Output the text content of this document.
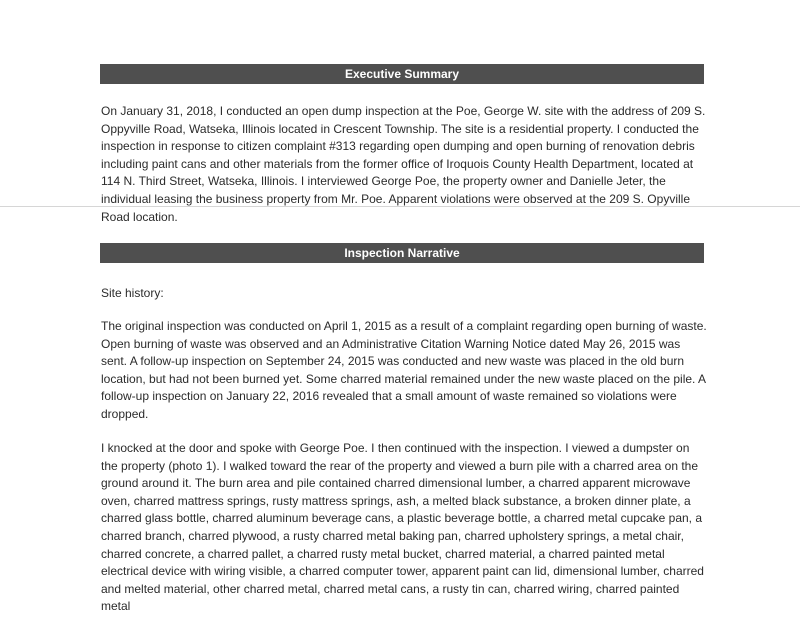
Executive Summary
On January 31, 2018, I conducted an open dump inspection at the Poe, George W. site with the address of 209 S. Oppyville Road, Watseka, Illinois located in Crescent Township. The site is a residential property. I conducted the inspection in response to citizen complaint #313 regarding open dumping and open burning of renovation debris including paint cans and other materials from the former office of Iroquois County Health Department, located at 114 N. Third Street, Watseka, Illinois. I interviewed George Poe, the property owner and Danielle Jeter, the individual leasing the business property from Mr. Poe. Apparent violations were observed at the 209 S. Opyville Road location.
Inspection Narrative
Site history:
The original inspection was conducted on April 1, 2015 as a result of a complaint regarding open burning of waste. Open burning of waste was observed and an Administrative Citation Warning Notice dated May 26, 2015 was sent. A follow-up inspection on September 24, 2015 was conducted and new waste was placed in the old burn location, but had not been burned yet. Some charred material remained under the new waste placed on the pile. A follow-up inspection on January 22, 2016 revealed that a small amount of waste remained so violations were dropped.
I knocked at the door and spoke with George Poe. I then continued with the inspection. I viewed a dumpster on the property (photo 1). I walked toward the rear of the property and viewed a burn pile with a charred area on the ground around it. The burn area and pile contained charred dimensional lumber, a charred apparent microwave oven, charred mattress springs, rusty mattress springs, ash, a melted black substance, a broken dinner plate, a charred glass bottle, charred aluminum beverage cans, a plastic beverage bottle, a charred metal cupcake pan, a charred branch, charred plywood, a rusty charred metal baking pan, charred upholstery springs, a metal chair, charred concrete, a charred pallet, a charred rusty metal bucket, charred material, a charred painted metal electrical device with wiring visible, a charred computer tower, apparent paint can lid, dimensional lumber, charred and melted material, other charred metal, charred metal cans, a rusty tin can, charred wiring, charred painted metal
